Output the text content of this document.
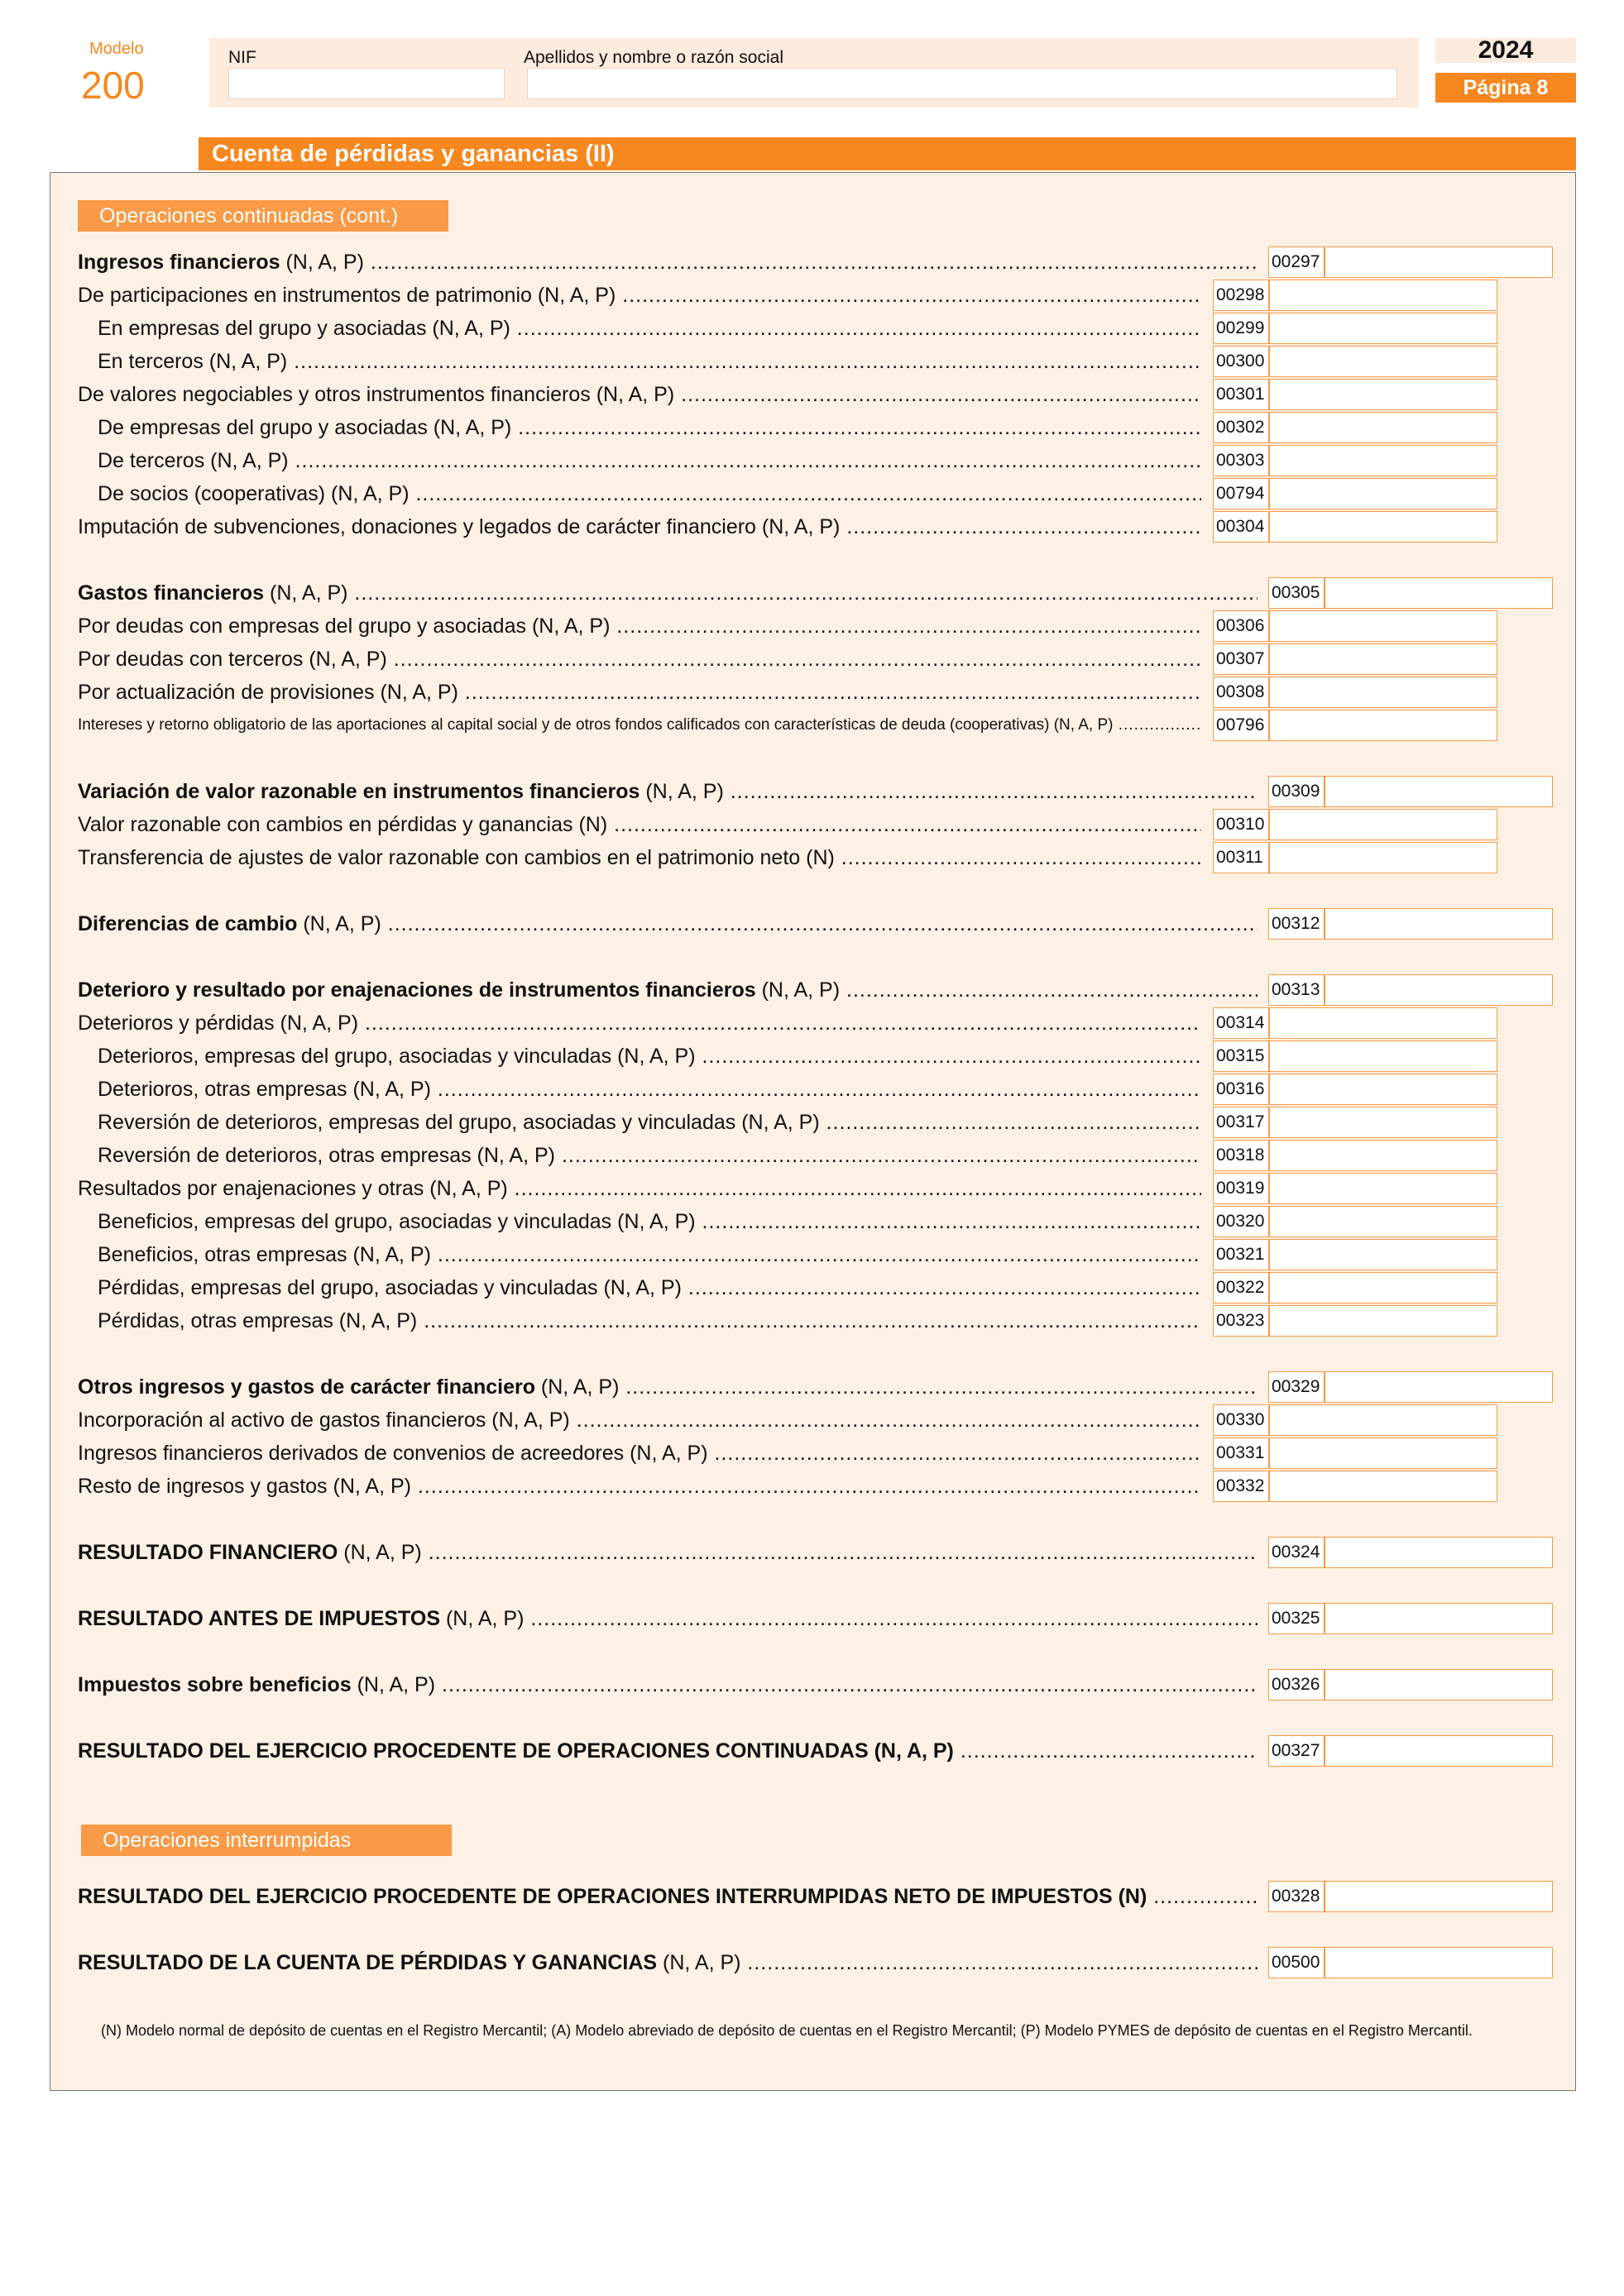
Modelo
200
NIF	Apellidos y nombre o razón social	2024
Página 8
Cuenta de pérdidas y ganancias (II)
Operaciones continuadas (cont.)
Operaciones interrumpidas
Ingresos financieros (N, A, P) .....	00297
De participaciones en instrumentos de patrimonio (N, A, P) .....	00298
En empresas del grupo y asociadas (N, A, P) .....	00299
En terceros (N, A, P) .....	00300
De valores negociables y otros instrumentos financieros (N, A, P) .....	00301
De empresas del grupo y asociadas (N, A, P) .....	00302
De terceros (N, A, P) .....	00303
De socios (cooperativas) (N, A, P) .....	00794
Imputación de subvenciones, donaciones y legados de carácter financiero (N, A, P) .....	00304
Gastos financieros (N, A, P) .....	00305
Por deudas con empresas del grupo y asociadas (N, A, P) .....	00306
Por deudas con terceros (N, A, P) .....	00307
Por actualización de provisiones (N, A, P) .....	00308
Intereses y retorno obligatorio de las aportaciones al capital social y de otros fondos calificados con características de deuda (cooperativas) (N, A, P) .....	00796
Variación de valor razonable en instrumentos financieros (N, A, P) .....	00309
Valor razonable con cambios en pérdidas y ganancias (N) .....	00310
Transferencia de ajustes de valor razonable con cambios en el patrimonio neto (N) .....	00311
Diferencias de cambio (N, A, P) .....	00312
Deterioro y resultado por enajenaciones de instrumentos financieros (N, A, P) .....	00313
Deterioros y pérdidas (N, A, P) .....	00314
Deterioros, empresas del grupo, asociadas y vinculadas (N, A, P) .....	00315
Deterioros, otras empresas (N, A, P) .....	00316
Reversión de deterioros, empresas del grupo, asociadas y vinculadas (N, A, P) .....	00317
Reversión de deterioros, otras empresas (N, A, P) .....	00318
Resultados por enajenaciones y otras (N, A, P) .....	00319
Beneficios, empresas del grupo, asociadas y vinculadas (N, A, P) .....	00320
Beneficios, otras empresas (N, A, P) .....	00321
Pérdidas, empresas del grupo, asociadas y vinculadas (N, A, P) .....	00322
Pérdidas, otras empresas (N, A, P) .....	00323
Otros ingresos y gastos de carácter financiero (N, A, P) .....	00329
Incorporación al activo de gastos financieros (N, A, P) .....	00330
Ingresos financieros derivados de convenios de acreedores (N, A, P) .....	00331
Resto de ingresos y gastos (N, A, P) .....	00332
RESULTADO FINANCIERO (N, A, P) .....	00324
RESULTADO ANTES DE IMPUESTOS (N, A, P) .....	00325
Impuestos sobre beneficios (N, A, P) .....	00326
RESULTADO DEL EJERCICIO PROCEDENTE DE OPERACIONES CONTINUADAS (N, A, P) .....	00327
RESULTADO DEL EJERCICIO PROCEDENTE DE OPERACIONES INTERRUMPIDAS NETO DE IMPUESTOS (N) .....	00328
RESULTADO DE LA CUENTA DE PÉRDIDAS Y GANANCIAS (N, A, P) .....	00500
(N) Modelo normal de depósito de cuentas en el Registro Mercantil; (A) Modelo abreviado de depósito de cuentas en el Registro Mercantil; (P) Modelo PYMES de depósito de cuentas en el Registro Mercantil.
